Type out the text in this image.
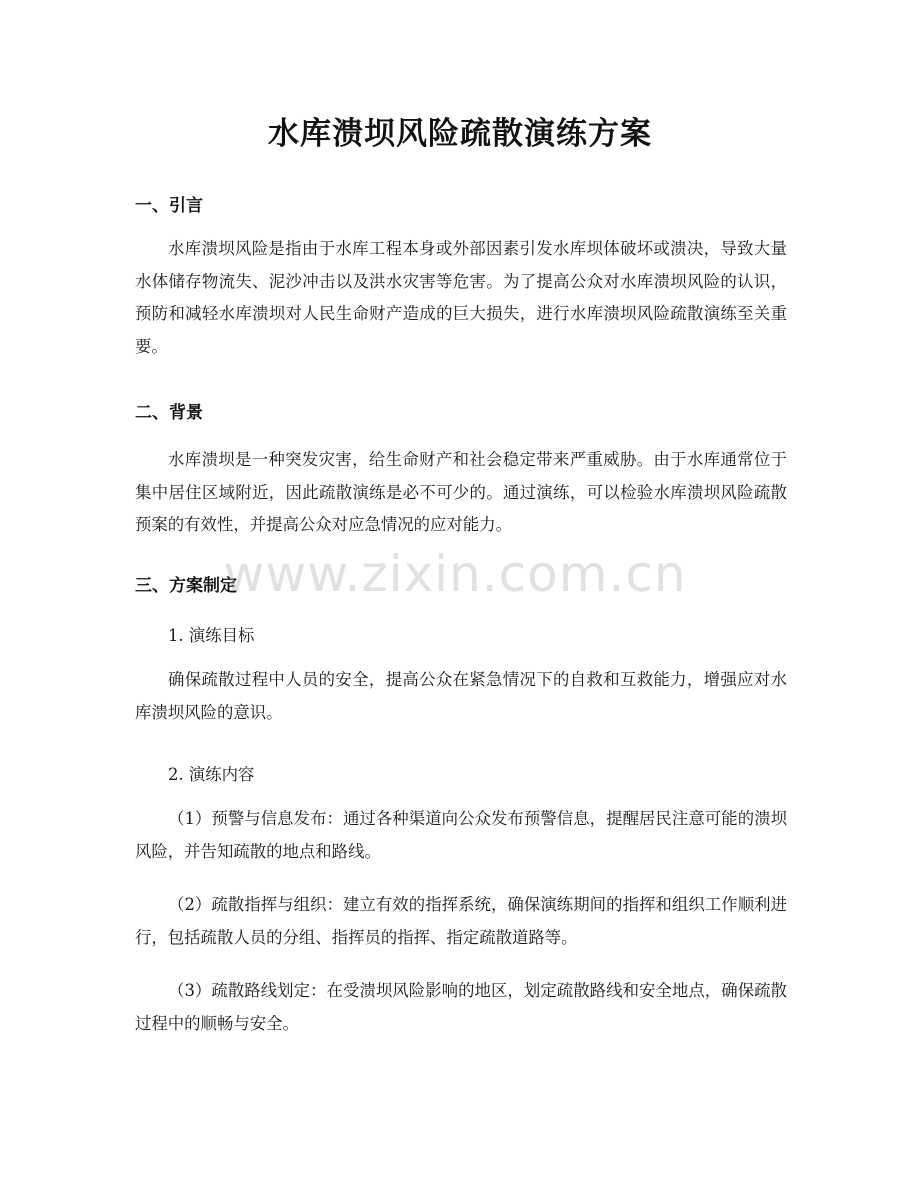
水库溃坝风险疏散演练方案
一、引言

水库溃坝风险是指由于水库工程本身或外部因素引发水库坝体破坏或溃决，导致大量水体储存物流失、泥沙冲击以及洪水灾害等危害。为了提高公众对水库溃坝风险的认识，预防和减轻水库溃坝对人民生命财产造成的巨大损失，进行水库溃坝风险疏散演练至关重要。

二、背景

水库溃坝是一种突发灾害，给生命财产和社会稳定带来严重威胁。由于水库通常位于集中居住区域附近，因此疏散演练是必不可少的。通过演练，可以检验水库溃坝风险疏散预案的有效性，并提高公众对应急情况的应对能力。

三、方案制定

1. 演练目标

确保疏散过程中人员的安全，提高公众在紧急情况下的自救和互救能力，增强应对水库溃坝风险的意识。

2. 演练内容

（1）预警与信息发布：通过各种渠道向公众发布预警信息，提醒居民注意可能的溃坝风险，并告知疏散的地点和路线。

（2）疏散指挥与组织：建立有效的指挥系统，确保演练期间的指挥和组织工作顺利进行，包括疏散人员的分组、指挥员的指挥、指定疏散道路等。

（3）疏散路线划定：在受溃坝风险影响的地区，划定疏散路线和安全地点，确保疏散过程中的顺畅与安全。

www.zixin.com.cn
